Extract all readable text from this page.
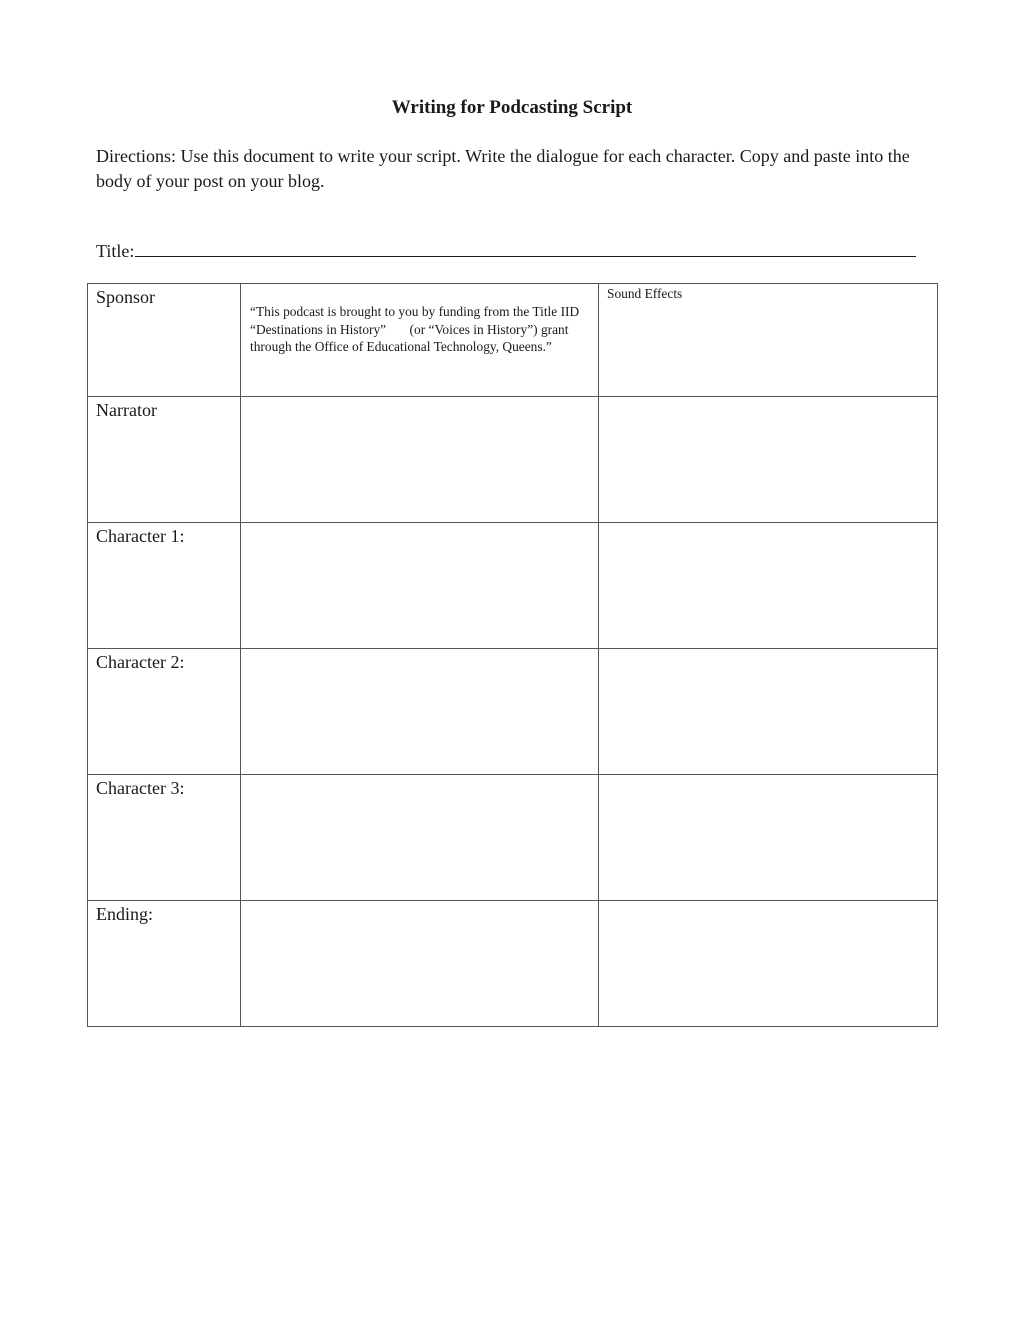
Writing for Podcasting Script
Directions: Use this document to write your script. Write the dialogue for each character. Copy and paste into the body of your post on your blog.
Title:
Sponsor	“This podcast is brought to you by funding from the Title IID “Destinations in History”       (or “Voices in History”) grant through the Office of Educational Technology, Queens.”	Sound Effects

Narrator		

Character 1:		

Character 2:		

Character 3:		

Ending:		
